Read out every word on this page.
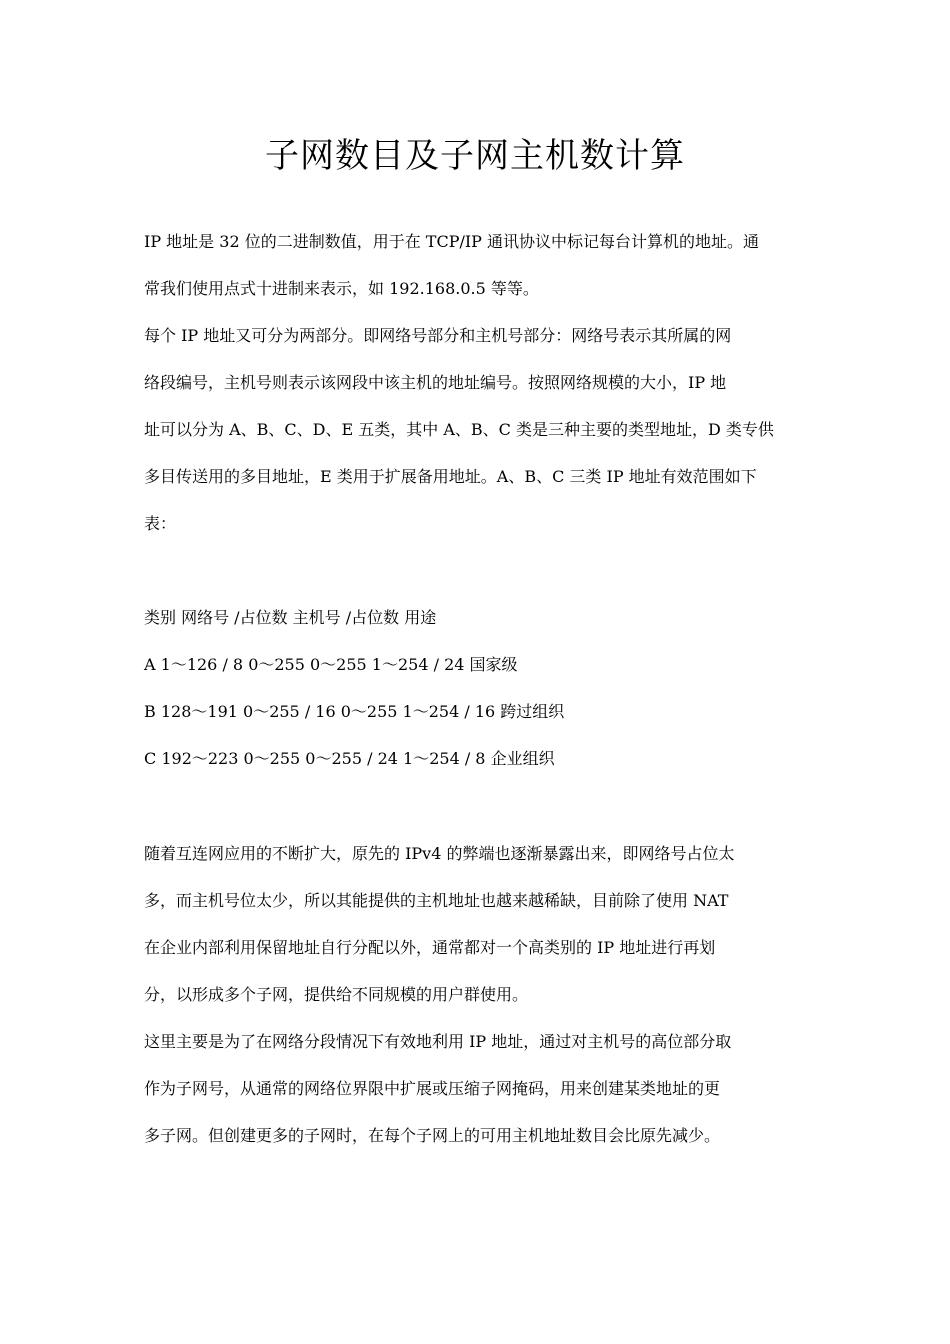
子网数目及子网主机数计算
IP 地址是 32 位的二进制数值，用于在 TCP/IP 通讯协议中标记每台计算机的地址。通
常我们使用点式十进制来表示，如 192.168.0.5 等等。
每个 IP 地址又可分为两部分。即网络号部分和主机号部分：网络号表示其所属的网
络段编号，主机号则表示该网段中该主机的地址编号。按照网络规模的大小，IP 地
址可以分为 A、B、C、D、E 五类，其中 A、B、C 类是三种主要的类型地址，D 类专供
多目传送用的多目地址，E 类用于扩展备用地址。A、B、C 三类 IP 地址有效范围如下
表：
类别 网络号 /占位数 主机号 /占位数 用途
A 1～126 / 8 0～255 0～255 1～254 / 24 国家级
B 128～191 0～255 / 16 0～255 1～254 / 16 跨过组织
C 192～223 0～255 0～255 / 24 1～254 / 8 企业组织
随着互连网应用的不断扩大，原先的 IPv4 的弊端也逐渐暴露出来，即网络号占位太
多，而主机号位太少，所以其能提供的主机地址也越来越稀缺，目前除了使用 NAT
在企业内部利用保留地址自行分配以外，通常都对一个高类别的 IP 地址进行再划
分，以形成多个子网，提供给不同规模的用户群使用。
这里主要是为了在网络分段情况下有效地利用 IP 地址，通过对主机号的高位部分取
作为子网号，从通常的网络位界限中扩展或压缩子网掩码，用来创建某类地址的更
多子网。但创建更多的子网时，在每个子网上的可用主机地址数目会比原先减少。
